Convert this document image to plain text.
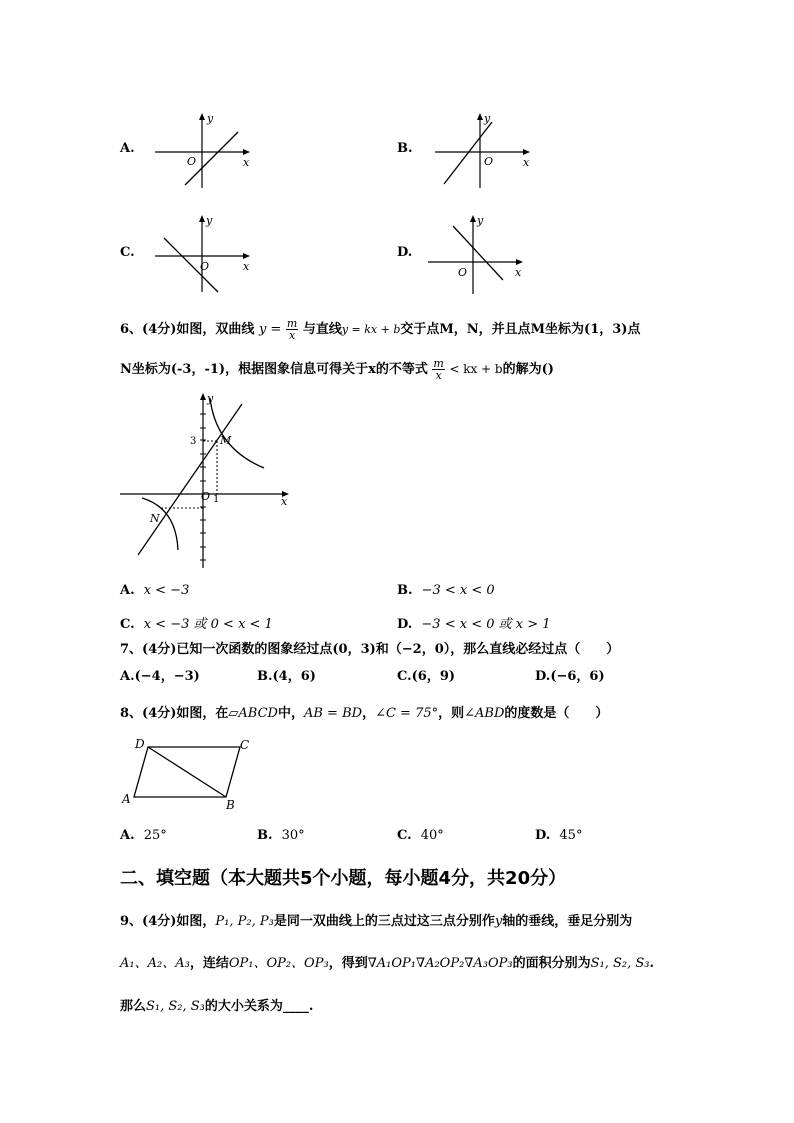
A.
y
x
O
B.
y
x
O
C.
y
x
O
D.
y
x
O
6、(4分)如图，双曲线 $y = \frac{m}{x}$ 与直线y = kx + b交于点M，N，并且点M坐标为(1，3)点
N坐标为(-3，-1)，根据图象信息可得关于x的不等式 $\frac{m}{x}$ < kx + b的解为()
y
x
O 1
3 M
N
A. x < −3	B. −3 < x < 0
C. x < −3 或 0 < x < 1	D. −3 < x < 0 或 x > 1
7、(4分)已知一次函数的图象经过点(0，3)和（−2，0），那么直线必经过点（　　）
A.(−4，−3)	B.(4，6)	C.(6，9)	D.(−6，6)
8、(4分)如图，在▱ABCD中，AB = BD，∠C = 75°，则∠ABD的度数是（　　）
A	B
C
D
A. 25°	B. 30°	C. 40°	D. 45°
二、填空题（本大题共5个小题，每小题4分，共20分）
9、(4分)如图，P₁, P₂, P₃是同一双曲线上的三点过这三点分别作y轴的垂线，垂足分别为
A₁、A₂、A₃，连结OP₁、OP₂、OP₃，得到∇A₁OP₁∇A₂OP₂∇A₃OP₃的面积分别为S₁, S₂, S₃.
那么S₁, S₂, S₃的大小关系为____.
